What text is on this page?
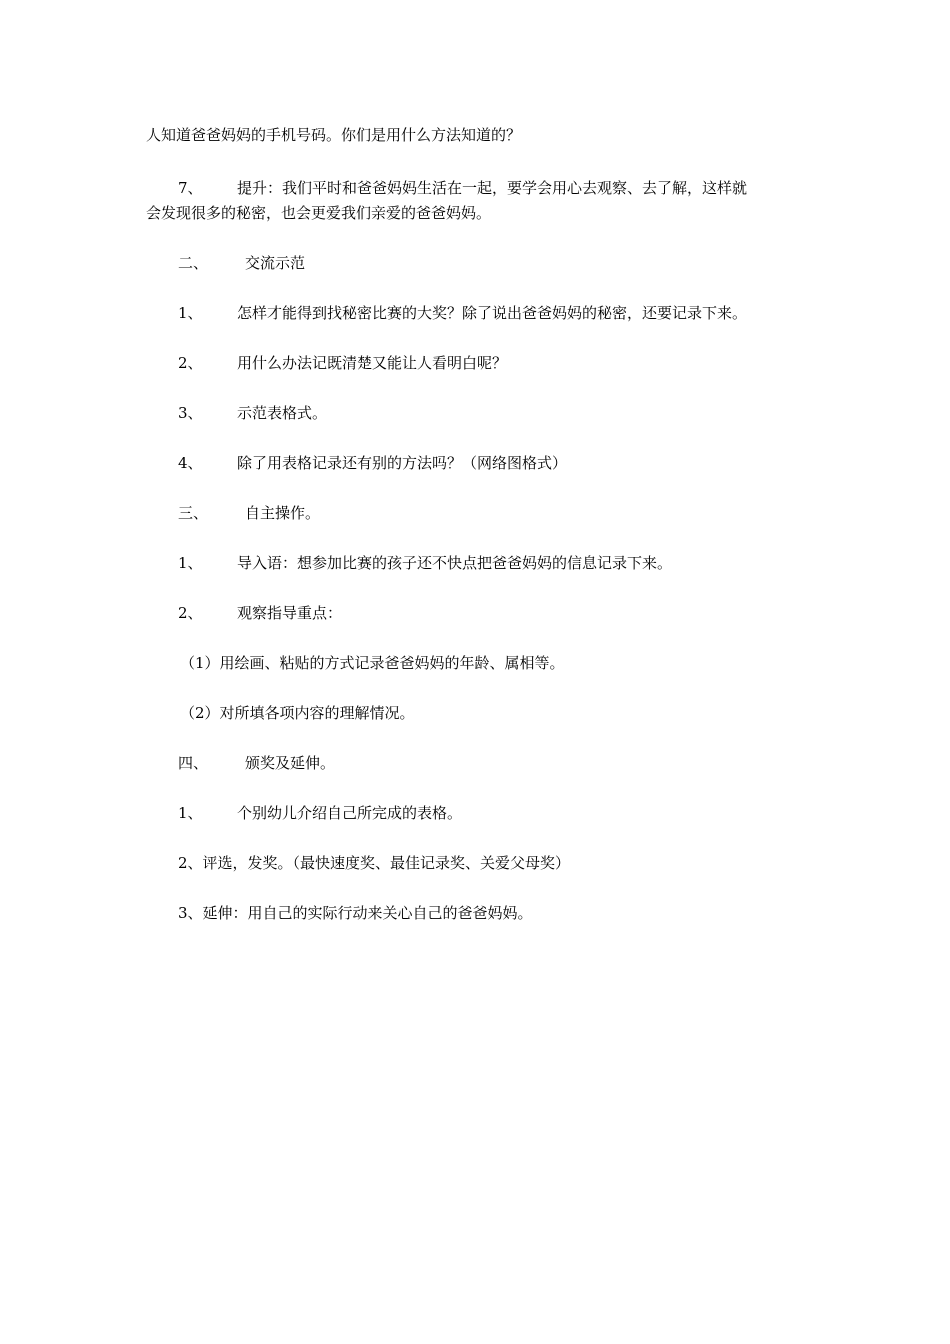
人知道爸爸妈妈的手机号码。你们是用什么方法知道的？
7、 提升：我们平时和爸爸妈妈生活在一起，要学会用心去观察、去了解，这样就
会发现很多的秘密，也会更爱我们亲爱的爸爸妈妈。
二、 交流示范
1、 怎样才能得到找秘密比赛的大奖？除了说出爸爸妈妈的秘密，还要记录下来。
2、 用什么办法记既清楚又能让人看明白呢？
3、 示范表格式。
4、 除了用表格记录还有别的方法吗？（网络图格式）
三、 自主操作。
1、 导入语：想参加比赛的孩子还不快点把爸爸妈妈的信息记录下来。
2、 观察指导重点：
（1）用绘画、粘贴的方式记录爸爸妈妈的年龄、属相等。
（2）对所填各项内容的理解情况。
四、 颁奖及延伸。
1、 个别幼儿介绍自己所完成的表格。
2、评选，发奖。（最快速度奖、最佳记录奖、关爱父母奖）
3、延伸：用自己的实际行动来关心自己的爸爸妈妈。
